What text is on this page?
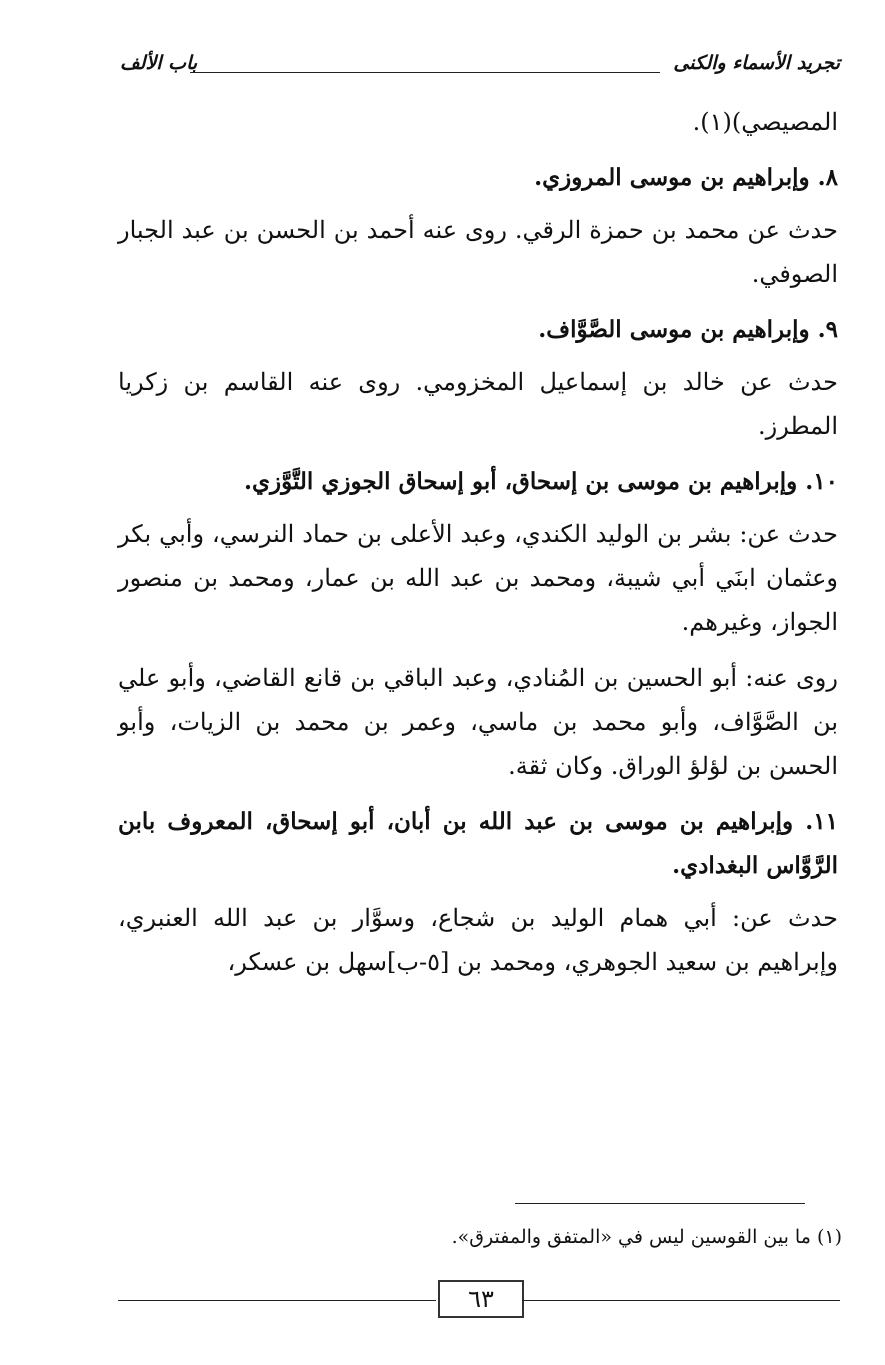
تجريد الأسماء والكنى
باب الألف

المصيصي)(١).

٨. وإبراهيم بن موسى المروزي.

حدث عن محمد بن حمزة الرقي. روى عنه أحمد بن الحسن بن عبد الجبار الصوفي.

٩. وإبراهيم بن موسى الصَّوَّاف.

حدث عن خالد بن إسماعيل المخزومي. روى عنه القاسم بن زكريا المطرز.

١٠. وإبراهيم بن موسى بن إسحاق، أبو إسحاق الجوزي التَّوَّزي.

حدث عن: بشر بن الوليد الكندي، وعبد الأعلى بن حماد النرسي، وأبي بكر وعثمان ابنَي أبي شيبة، ومحمد بن عبد الله بن عمار، ومحمد بن منصور الجواز، وغيرهم.

روى عنه: أبو الحسين بن المُنادي، وعبد الباقي بن قانع القاضي، وأبو علي بن الصَّوَّاف، وأبو محمد بن ماسي، وعمر بن محمد بن الزيات، وأبو الحسن بن لؤلؤ الوراق. وكان ثقة.

١١. وإبراهيم بن موسى بن عبد الله بن أبان، أبو إسحاق، المعروف بابن الرَّوَّاس البغدادي.

حدث عن: أبي همام الوليد بن شجاع، وسوَّار بن عبد الله العنبري، وإبراهيم بن سعيد الجوهري، ومحمد بن [٥-ب]سهل بن عسكر،

(١) ما بين القوسين ليس في «المتفق والمفترق».

٦٣
